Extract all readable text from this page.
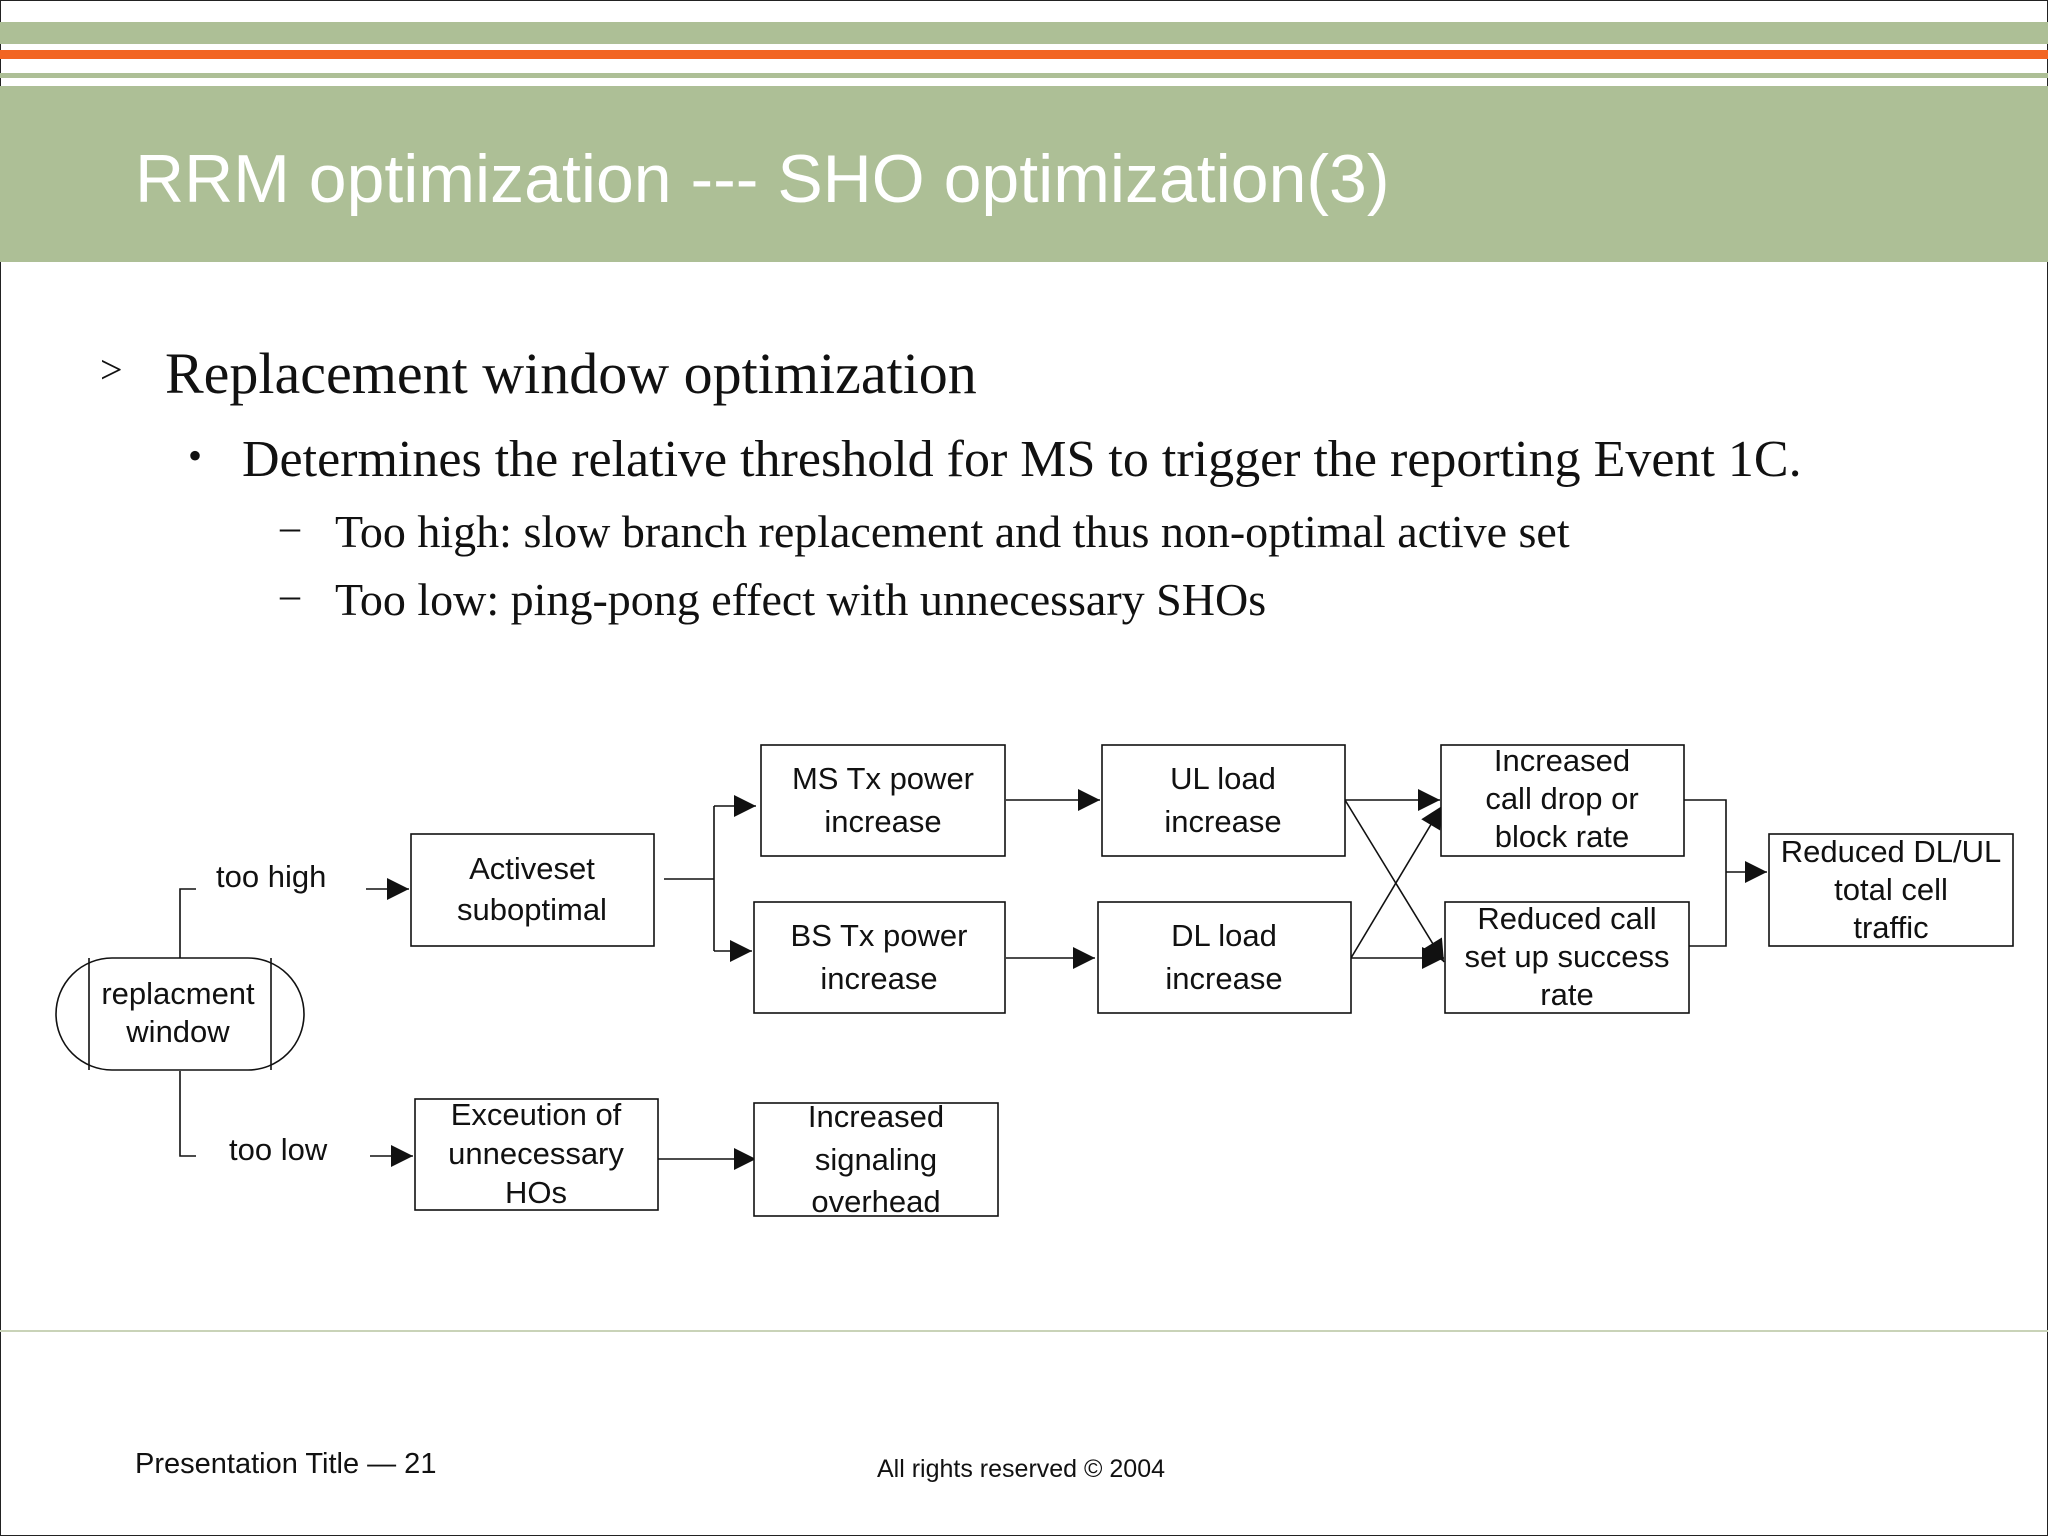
RRM optimization --- SHO optimization(3)
> Replacement window optimization
• Determines the relative threshold for MS to trigger the reporting Event 1C.
– Too high: slow branch replacement and thus non-optimal active set
– Too low: ping-pong effect with unnecessary SHOs
replacment
window
too high
too low
Activeset
suboptimal
MS Tx power
increase
BS Tx power
increase
UL load
increase
DL load
increase
Increased
call drop or
block rate
Reduced call
set up success
rate
Reduced DL/UL
total cell
traffic
Exceution of
unnecessary
HOs
Increased
signaling
overhead
Presentation Title — 21	All rights reserved © 2004
